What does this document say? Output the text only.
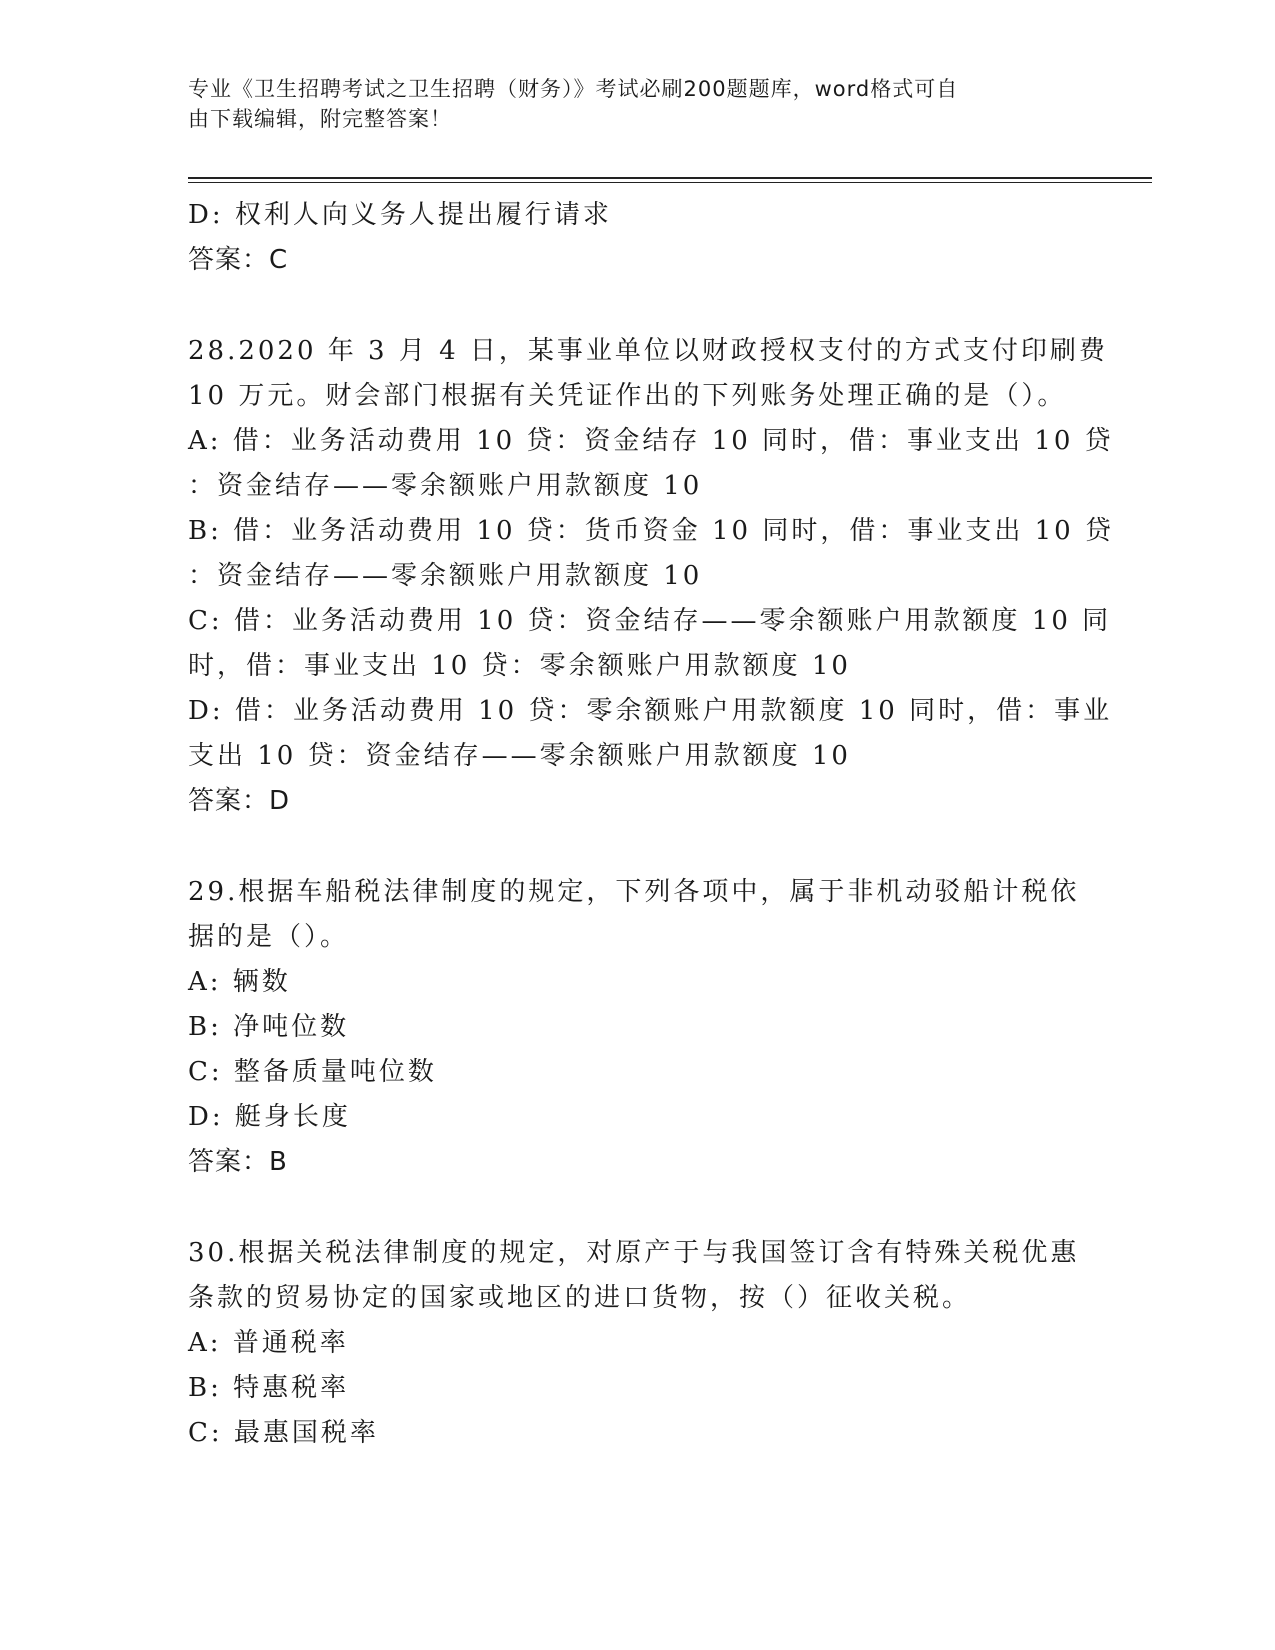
专业《卫生招聘考试之卫生招聘（财务）》考试必刷200题题库，word格式可自
由下载编辑，附完整答案！
D: 权利人向义务人提出履行请求
答案：C
28.2020 年 3 月 4 日，某事业单位以财政授权支付的方式支付印刷费
10 万元。财会部门根据有关凭证作出的下列账务处理正确的是（）。
A: 借：业务活动费用 10 贷：资金结存 10 同时，借：事业支出 10 贷
：资金结存——零余额账户用款额度 10
B: 借：业务活动费用 10 贷：货币资金 10 同时，借：事业支出 10 贷
：资金结存——零余额账户用款额度 10
C: 借：业务活动费用 10 贷：资金结存——零余额账户用款额度 10 同
时，借：事业支出 10 贷：零余额账户用款额度 10
D: 借：业务活动费用 10 贷：零余额账户用款额度 10 同时，借：事业
支出 10 贷：资金结存——零余额账户用款额度 10
答案：D
29.根据车船税法律制度的规定，下列各项中，属于非机动驳船计税依
据的是（）。
A: 辆数
B: 净吨位数
C: 整备质量吨位数
D: 艇身长度
答案：B
30.根据关税法律制度的规定，对原产于与我国签订含有特殊关税优惠
条款的贸易协定的国家或地区的进口货物，按（）征收关税。
A: 普通税率
B: 特惠税率
C: 最惠国税率
